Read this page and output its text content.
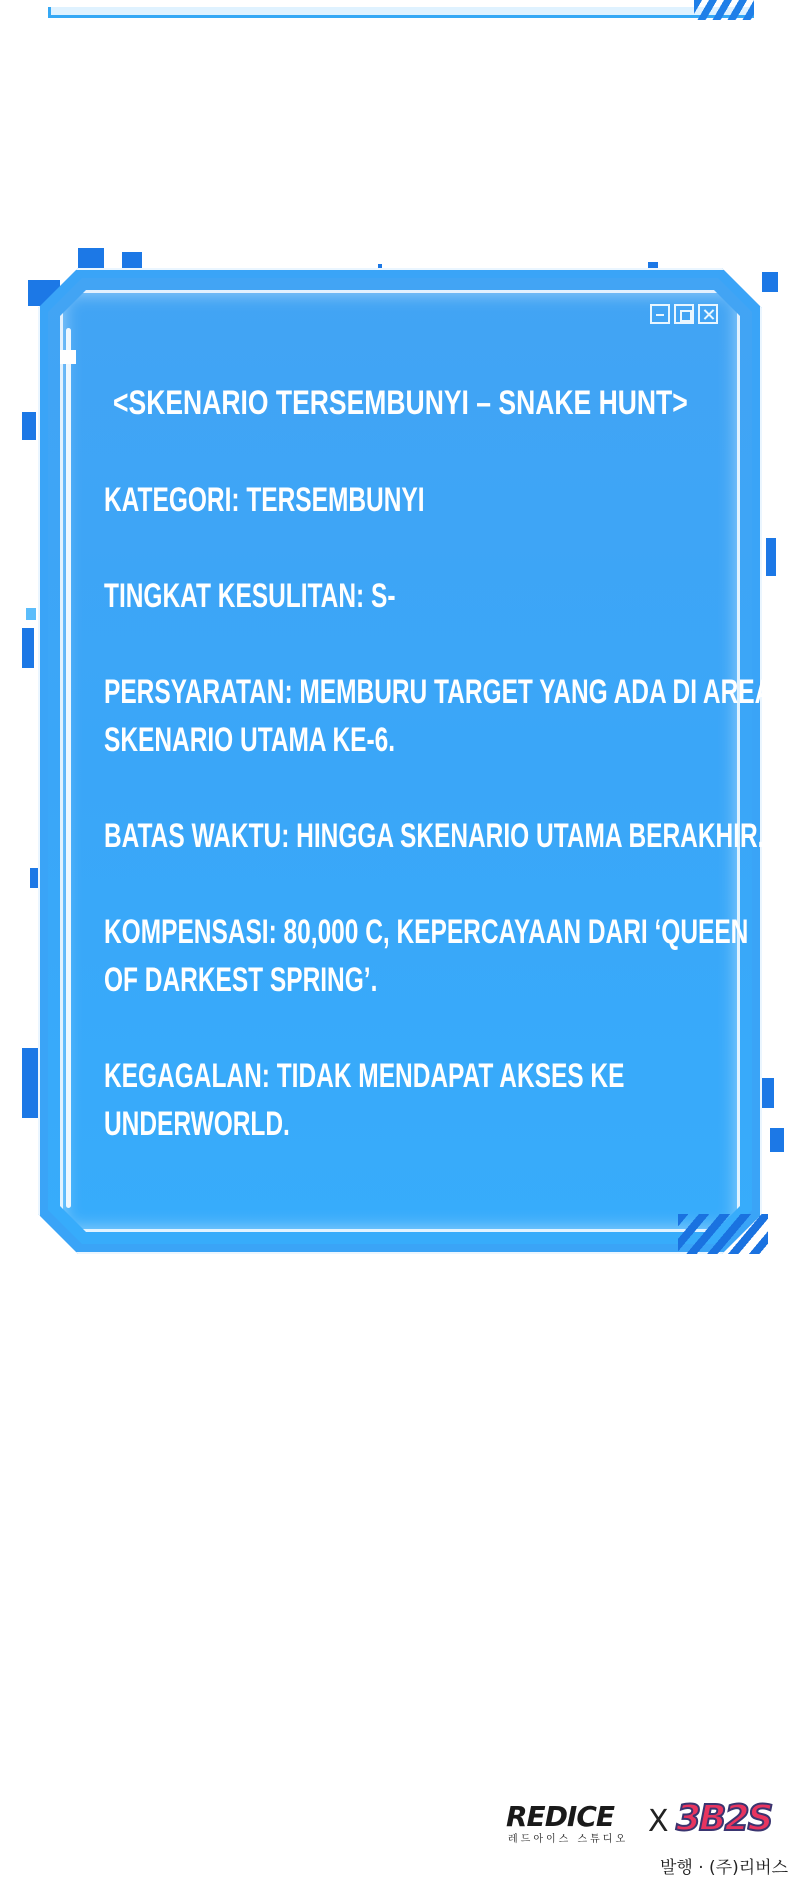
<SKENARIO TERSEMBUNYI – SNAKE HUNT>
KATEGORI: TERSEMBUNYI
TINGKAT KESULITAN: S-
PERSYARATAN: MEMBURU TARGET YANG ADA DI AREA
SKENARIO UTAMA KE-6.
BATAS WAKTU: HINGGA SKENARIO UTAMA BERAKHIR.
KOMPENSASI: 80,000 C, KEPERCAYAAN DARI ‘QUEEN
OF DARKEST SPRING’.
KEGAGALAN: TIDAK MENDAPAT AKSES KE
UNDERWORLD.
REDICE
레드아이스 스튜디오
X 3B2S
발행 · (주)리버스
